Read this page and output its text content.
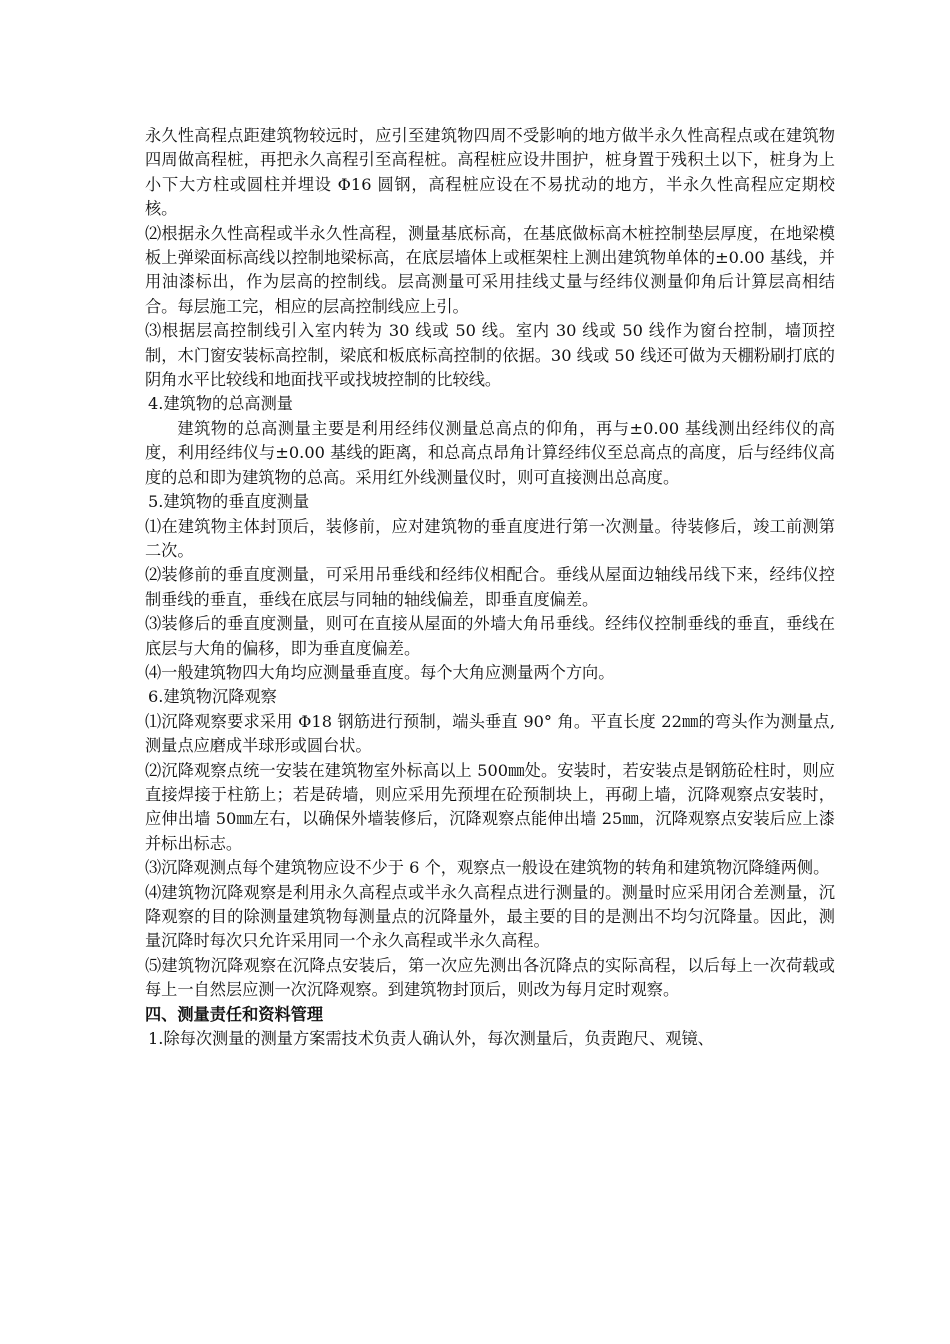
永久性高程点距建筑物较远时，应引至建筑物四周不受影响的地方做半永久性高程点或在建筑物四周做高程桩，再把永久高程引至高程桩。高程桩应设井围护，桩身置于残积土以下，桩身为上小下大方柱或圆柱并埋设 Φ16 圆钢，高程桩应设在不易扰动的地方，半永久性高程应定期校核。

⑵根据永久性高程或半永久性高程，测量基底标高，在基底做标高木桩控制垫层厚度，在地梁模板上弹梁面标高线以控制地梁标高，在底层墙体上或框架柱上测出建筑物单体的±0.00 基线，并用油漆标出，作为层高的控制线。层高测量可采用挂线丈量与经纬仪测量仰角后计算层高相结合。每层施工完，相应的层高控制线应上引。

⑶根据层高控制线引入室内转为 30 线或 50 线。室内 30 线或 50 线作为窗台控制，墙顶控制，木门窗安装标高控制，梁底和板底标高控制的依据。30 线或 50 线还可做为天棚粉刷打底的阴角水平比较线和地面找平或找坡控制的比较线。

4.建筑物的总高测量

建筑物的总高测量主要是利用经纬仪测量总高点的仰角，再与±0.00 基线测出经纬仪的高度，利用经纬仪与±0.00 基线的距离，和总高点昂角计算经纬仪至总高点的高度，后与经纬仪高度的总和即为建筑物的总高。采用红外线测量仪时，则可直接测出总高度。

5.建筑物的垂直度测量

⑴在建筑物主体封顶后，装修前，应对建筑物的垂直度进行第一次测量。待装修后，竣工前测第二次。

⑵装修前的垂直度测量，可采用吊垂线和经纬仪相配合。垂线从屋面边轴线吊线下来，经纬仪控制垂线的垂直，垂线在底层与同轴的轴线偏差，即垂直度偏差。

⑶装修后的垂直度测量，则可在直接从屋面的外墙大角吊垂线。经纬仪控制垂线的垂直，垂线在底层与大角的偏移，即为垂直度偏差。

⑷一般建筑物四大角均应测量垂直度。每个大角应测量两个方向。

6.建筑物沉降观察

⑴沉降观察要求采用 Φ18 钢筋进行预制，端头垂直 90° 角。平直长度 22㎜的弯头作为测量点,测量点应磨成半球形或圆台状。

⑵沉降观察点统一安装在建筑物室外标高以上 500㎜处。安装时，若安装点是钢筋砼柱时，则应直接焊接于柱筋上；若是砖墙，则应采用先预埋在砼预制块上，再砌上墙，沉降观察点安装时，应伸出墙 50㎜左右，以确保外墙装修后，沉降观察点能伸出墙 25㎜，沉降观察点安装后应上漆并标出标志。

⑶沉降观测点每个建筑物应设不少于 6 个，观察点一般设在建筑物的转角和建筑物沉降缝两侧。

⑷建筑物沉降观察是利用永久高程点或半永久高程点进行测量的。测量时应采用闭合差测量，沉降观察的目的除测量建筑物每测量点的沉降量外，最主要的目的是测出不均匀沉降量。因此，测量沉降时每次只允许采用同一个永久高程或半永久高程。

⑸建筑物沉降观察在沉降点安装后，第一次应先测出各沉降点的实际高程，以后每上一次荷载或每上一自然层应测一次沉降观察。到建筑物封顶后，则改为每月定时观察。

四、测量责任和资料管理

1.除每次测量的测量方案需技术负责人确认外，每次测量后，负责跑尺、观镜、
